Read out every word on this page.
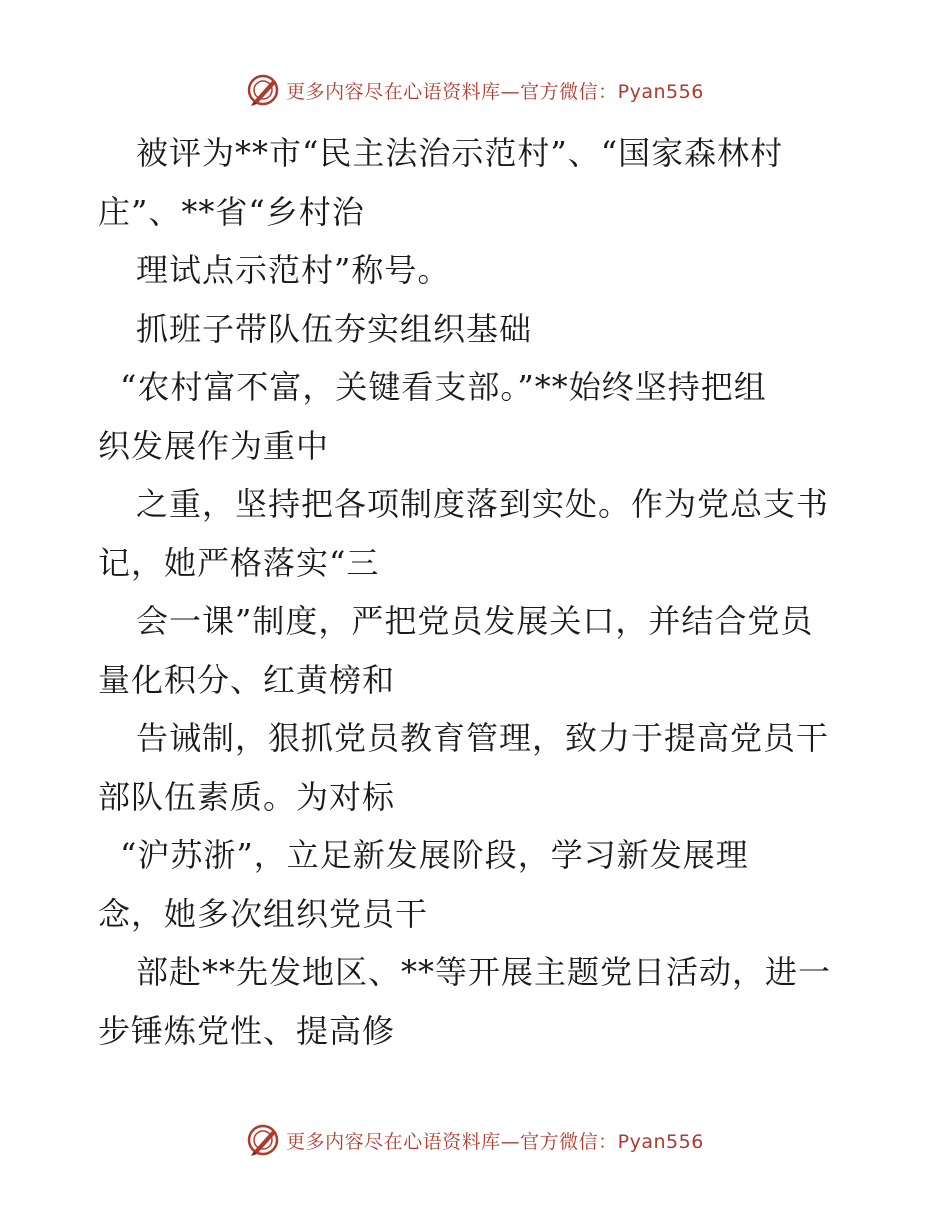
更多内容尽在心语资料库—官方微信：Pyan556
被评为**市“民主法治示范村”、“国家森林村
庄”、**省“乡村治
理试点示范村”称号。
抓班子带队伍夯实组织基础
“农村富不富，关键看支部。”**始终坚持把组
织发展作为重中
之重，坚持把各项制度落到实处。作为党总支书
记，她严格落实“三
会一课”制度，严把党员发展关口，并结合党员
量化积分、红黄榜和
告诫制，狠抓党员教育管理，致力于提高党员干
部队伍素质。为对标
“沪苏浙”，立足新发展阶段，学习新发展理
念，她多次组织党员干
部赴**先发地区、**等开展主题党日活动，进一
步锤炼党性、提高修
更多内容尽在心语资料库—官方微信：Pyan556
